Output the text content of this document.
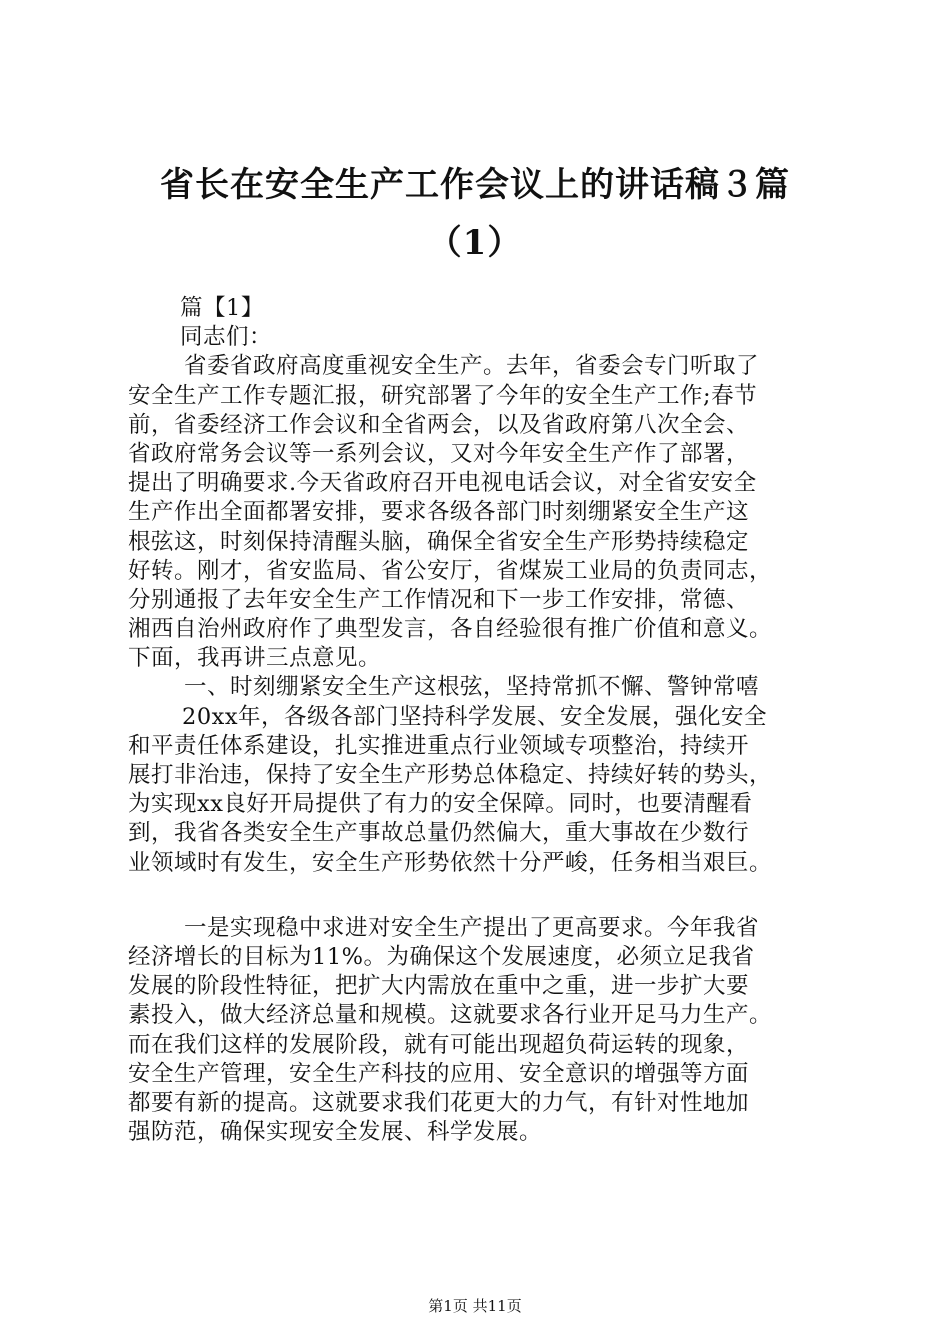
省长在安全生产工作会议上的讲话稿３篇
（1）
篇【1】
同志们：
省委省政府高度重视安全生产。去年，省委会专门听取了
安全生产工作专题汇报，研究部署了今年的安全生产工作;春节
前，省委经济工作会议和全省两会，以及省政府第八次全会、
省政府常务会议等一系列会议，又对今年安全生产作了部署，
提出了明确要求.今天省政府召开电视电话会议，对全省安安全
生产作出全面都署安排，要求各级各部门时刻绷紧安全生产这
根弦这，时刻保持清醒头脑，确保全省安全生产形势持续稳定
好转。刚才，省安监局、省公安厅，省煤炭工业局的负责同志，
分别通报了去年安全生产工作情况和下一步工作安排，常德、
湘西自治州政府作了典型发言，各自经验很有推广价值和意义。
下面，我再讲三点意见。
一、时刻绷紧安全生产这根弦，坚持常抓不懈、警钟常嘻
20xx年，各级各部门坚持科学发展、安全发展，强化安全
和平责任体系建设，扎实推进重点行业领域专项整治，持续开
展打非治违，保持了安全生产形势总体稳定、持续好转的势头，
为实现xx良好开局提供了有力的安全保障。同时，也要清醒看
到，我省各类安全生产事故总量仍然偏大，重大事故在少数行
业领域时有发生，安全生产形势依然十分严峻，任务相当艰巨。
一是实现稳中求进对安全生产提出了更高要求。今年我省
经济增长的目标为11%。为确保这个发展速度，必须立足我省
发展的阶段性特征，把扩大内需放在重中之重，进一步扩大要
素投入，做大经济总量和规模。这就要求各行业开足马力生产。
而在我们这样的发展阶段，就有可能出现超负荷运转的现象，
安全生产管理，安全生产科技的应用、安全意识的增强等方面
都要有新的提高。这就要求我们花更大的力气，有针对性地加
强防范，确保实现安全发展、科学发展。
第1页 共11页
